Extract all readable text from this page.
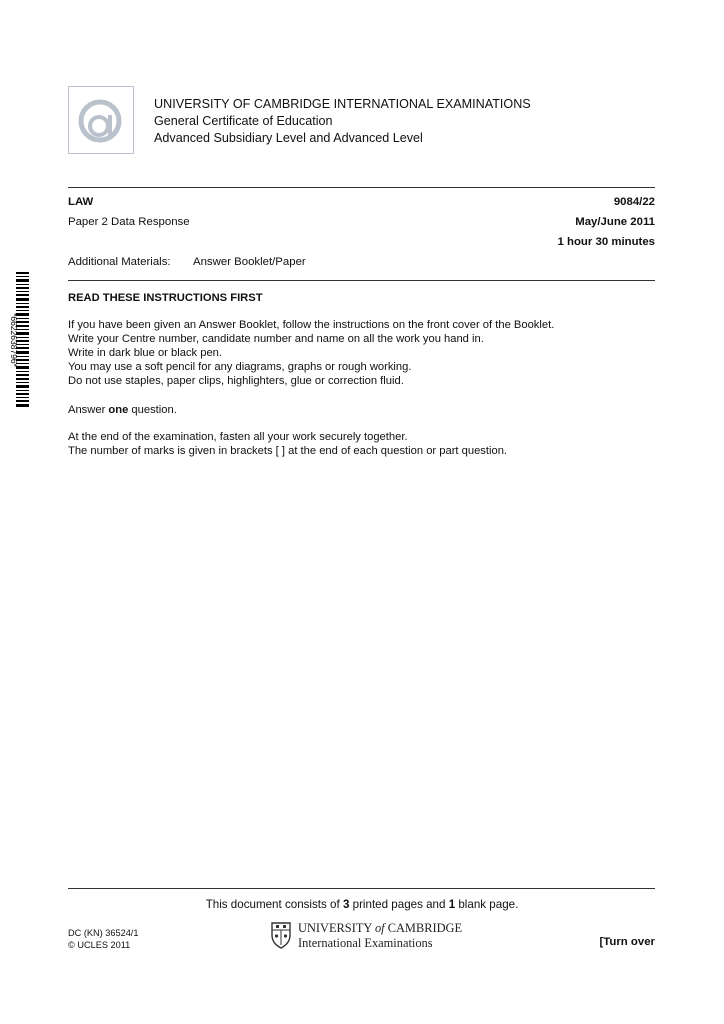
UNIVERSITY OF CAMBRIDGE INTERNATIONAL EXAMINATIONS
General Certificate of Education
Advanced Subsidiary Level and Advanced Level
LAW	9084/22
Paper 2 Data Response	May/June 2011
1 hour 30 minutes
Additional Materials: Answer Booklet/Paper
*6622638796*
READ THESE INSTRUCTIONS FIRST
If you have been given an Answer Booklet, follow the instructions on the front cover of the Booklet.
Write your Centre number, candidate number and name on all the work you hand in.
Write in dark blue or black pen.
You may use a soft pencil for any diagrams, graphs or rough working.
Do not use staples, paper clips, highlighters, glue or correction fluid.
Answer one question.
At the end of the examination, fasten all your work securely together.
The number of marks is given in brackets [ ] at the end of each question or part question.
This document consists of 3 printed pages and 1 blank page.
DC (KN) 36524/1
© UCLES 2011
UNIVERSITY of CAMBRIDGE
International Examinations	[Turn over
